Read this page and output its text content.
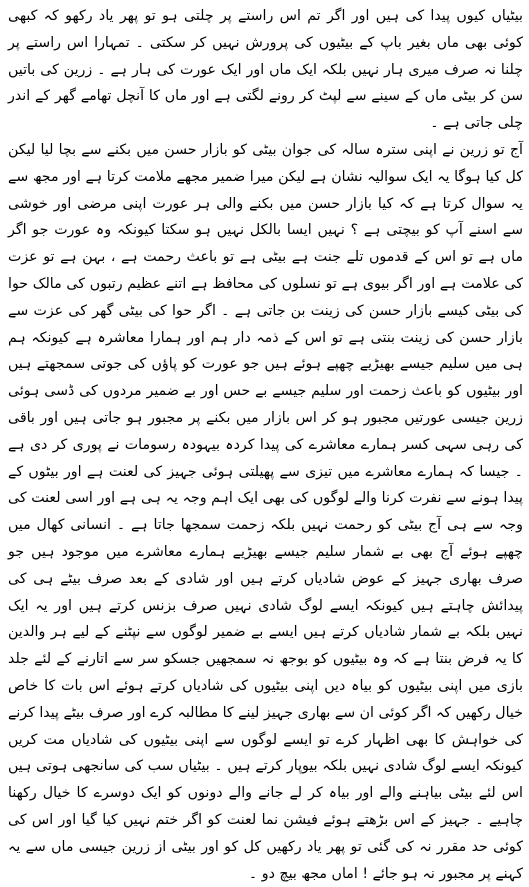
بیٹیاں کیوں پیدا کی ہیں اور اگر تم اس راستے پر چلتی ہو تو پھر یاد رکھو کہ کبھی کوئی بھی ماں بغیر باپ کے بیٹیوں کی پرورش نہیں کر سکتی ۔ تمہارا اس راستے پر چلنا نہ صرف میری ہار نہیں بلکہ ایک ماں اور ایک عورت کی ہار ہے ۔ زرین کی باتیں سن کر بیٹی ماں کے سینے سے لپٹ کر رونے لگتی ہے اور ماں کا آنچل تھامے گھر کے اندر چلی جاتی ہے ۔

آج تو زرین نے اپنی سترہ سالہ کی جوان بیٹی کو بازار حسن میں بکنے سے بچا لیا لیکن کل کیا ہوگا یہ ایک سوالیہ نشان ہے لیکن میرا ضمیر مجھے ملامت کرتا ہے اور مجھ سے یہ سوال کرتا ہے کہ کیا بازار حسن میں بکنے والی ہر عورت اپنی مرضی اور خوشی سے اسنے آپ کو بیچتی ہے ؟ نہیں ایسا بالکل نہیں ہو سکتا کیونکہ وہ عورت جو اگر ماں ہے تو اس کے قدموں تلے جنت ہے بیٹی ہے تو باعث رحمت ہے ، بہن ہے تو عزت کی علامت ہے اور اگر بیوی ہے تو نسلوں کی محافظ ہے اتنے عظیم رتبوں کی مالک حوا کی بیٹی کیسے بازار حسن کی زینت بن جاتی ہے ۔ اگر حوا کی بیٹی گھر کی عزت سے بازار حسن کی زینت بنتی ہے تو اس کے ذمہ دار ہم اور ہمارا معاشرہ ہے کیونکہ ہم ہی میں سلیم جیسے بھیڑیے چھپے ہوئے ہیں جو عورت کو پاؤں کی جوتی سمجھتے ہیں اور بیٹیوں کو باعث زحمت اور سلیم جیسے بے حس اور بے ضمیر مردوں کی ڈسی ہوئی زرین جیسی عورتیں مجبور ہو کر اس بازار میں بکنے پر مجبور ہو جاتی ہیں اور باقی کی رہی سہی کسر ہمارے معاشرے کی پیدا کردہ بیہودہ رسومات نے پوری کر دی ہے ۔ جیسا کہ ہمارے معاشرے میں تیزی سے پھیلتی ہوئی جہیز کی لعنت ہے اور بیٹوں کے پیدا ہونے سے نفرت کرنا والے لوگوں کی بھی ایک اہم وجہ یہ ہی ہے اور اسی لعنت کی وجہ سے ہی آج بیٹی کو رحمت نہیں بلکہ زحمت سمجھا جاتا ہے ۔ انسانی کھال میں چھپے ہوئے آج بھی بے شمار سلیم جیسے بھیڑیے ہمارے معاشرے میں موجود ہیں جو صرف بھاری جہیز کے عوض شادیاں کرتے ہیں اور شادی کے بعد صرف بیٹے ہی کی پیدائش چاہتے ہیں کیونکہ ایسے لوگ شادی نہیں صرف بزنس کرتے ہیں اور یہ ایک نہیں بلکہ بے شمار شادیاں کرتے ہیں ایسے بے ضمیر لوگوں سے نپٹنے کے لیے ہر والدین کا یہ فرض بنتا ہے کہ وہ بیٹیوں کو بوجھ نہ سمجھیں جسکو سر سے اتارنے کے لئے جلد بازی میں اپنی بیٹیوں کو بیاہ دیں اپنی بیٹیوں کی شادیاں کرتے ہوئے اس بات کا خاص خیال رکھیں کہ اگر کوئی ان سے بھاری جہیز لینے کا مطالبہ کرے اور صرف بیٹے پیدا کرنے کی خواہش کا بھی اظہار کرے تو ایسے لوگوں سے اپنی بیٹیوں کی شادیاں مت کریں کیونکہ ایسے لوگ شادی نہیں بلکہ بیوپار کرتے ہیں ۔ بیٹیاں سب کی سانجھی ہوتی ہیں اس لئے بیٹی بیاہنے والے اور بیاہ کر لے جانے والے دونوں کو ایک دوسرے کا خیال رکھنا چاہیے ۔ جہیز کے اس بڑھتے ہوئے فیشن نما لعنت کو اگر ختم نہیں کیا گیا اور اس کی کوئی حد مقرر نہ کی گئی تو پھر یاد رکھیں کل کو اور بیٹی از زرین جیسی ماں سے یہ کہنے پر مجبور نہ ہو جائے ! اماں مجھ بیچ دو ۔
